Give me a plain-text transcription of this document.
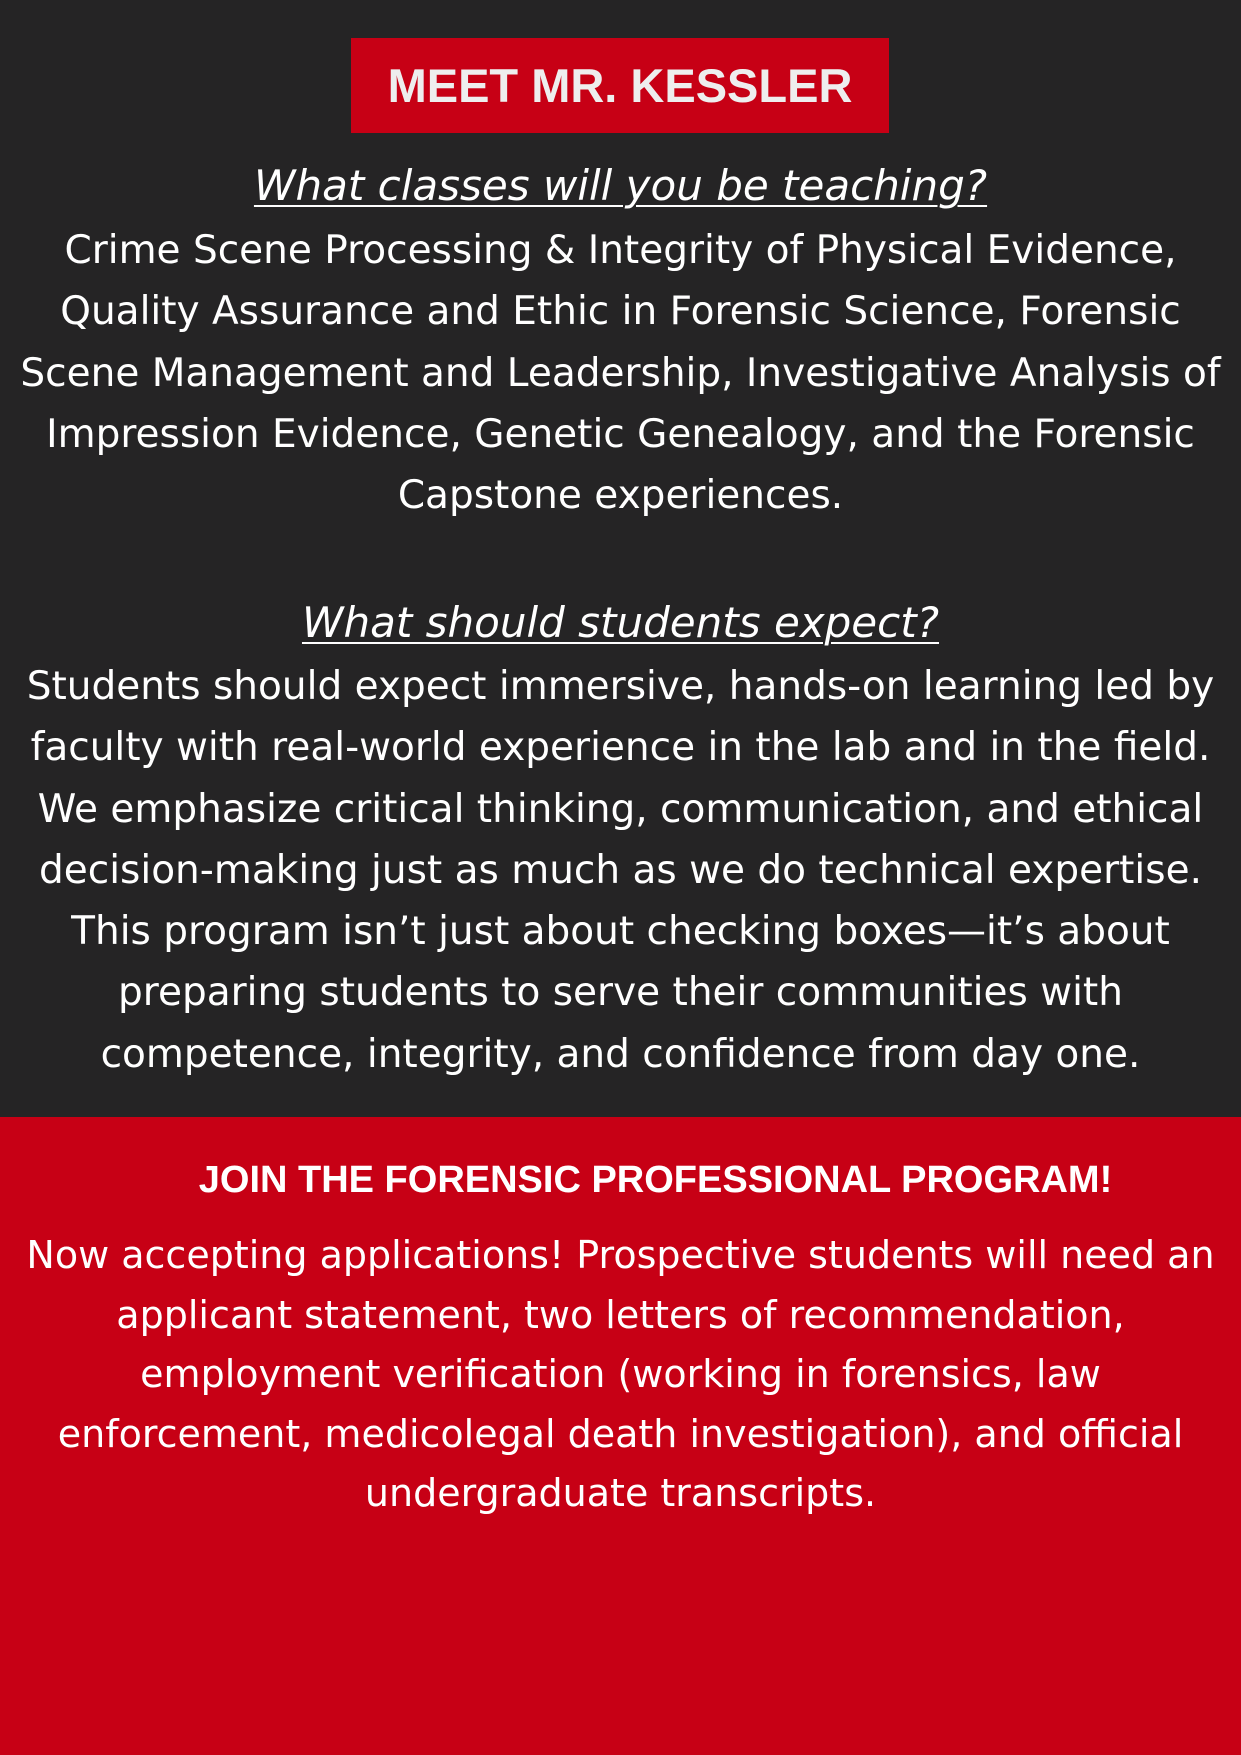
MEET MR. KESSLER
What classes will you be teaching?

Crime Scene Processing & Integrity of Physical Evidence,
Quality Assurance and Ethic in Forensic Science, Forensic
Scene Management and Leadership, Investigative Analysis of
Impression Evidence, Genetic Genealogy, and the Forensic
Capstone experiences.

What should students expect?

Students should expect immersive, hands-on learning led by
faculty with real-world experience in the lab and in the field.
We emphasize critical thinking, communication, and ethical
decision-making just as much as we do technical expertise.
This program isn’t just about checking boxes—it’s about
preparing students to serve their communities with
competence, integrity, and confidence from day one.

JOIN THE FORENSIC PROFESSIONAL PROGRAM!

Now accepting applications! Prospective students will need an
applicant statement, two letters of recommendation,
employment verification (working in forensics, law
enforcement, medicolegal death investigation), and official
undergraduate transcripts.
